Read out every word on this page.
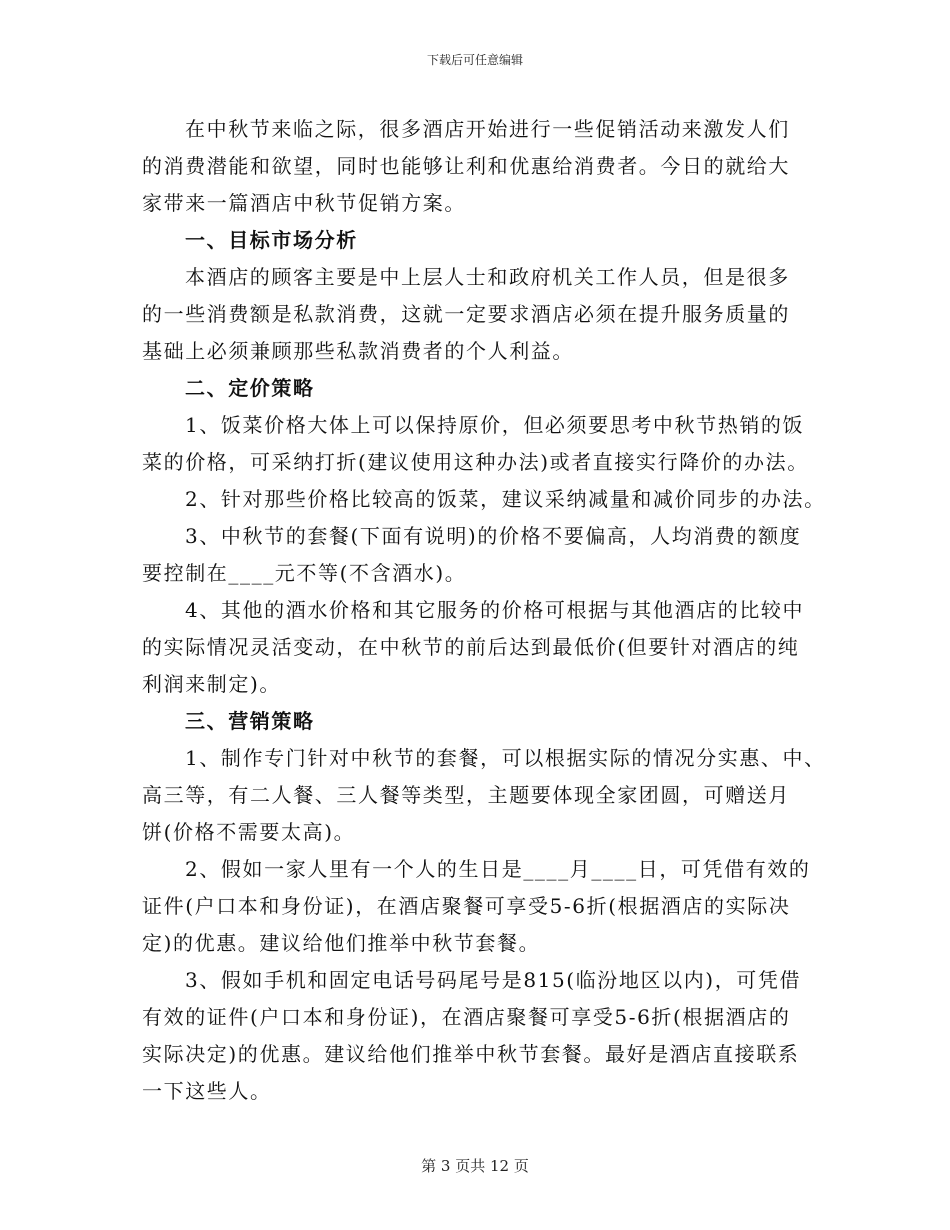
下载后可任意编辑
在中秋节来临之际，很多酒店开始进行一些促销活动来激发人们
的消费潜能和欲望，同时也能够让利和优惠给消费者。今日的就给大
家带来一篇酒店中秋节促销方案。
一、目标市场分析
本酒店的顾客主要是中上层人士和政府机关工作人员，但是很多
的一些消费额是私款消费，这就一定要求酒店必须在提升服务质量的
基础上必须兼顾那些私款消费者的个人利益。
二、定价策略
1、饭菜价格大体上可以保持原价，但必须要思考中秋节热销的饭
菜的价格，可采纳打折(建议使用这种办法)或者直接实行降价的办法。
2、针对那些价格比较高的饭菜，建议采纳减量和减价同步的办法。
3、中秋节的套餐(下面有说明)的价格不要偏高，人均消费的额度
要控制在____元不等(不含酒水)。
4、其他的酒水价格和其它服务的价格可根据与其他酒店的比较中
的实际情况灵活变动，在中秋节的前后达到最低价(但要针对酒店的纯
利润来制定)。
三、营销策略
1、制作专门针对中秋节的套餐，可以根据实际的情况分实惠、中、
高三等，有二人餐、三人餐等类型，主题要体现全家团圆，可赠送月
饼(价格不需要太高)。
2、假如一家人里有一个人的生日是____月____日，可凭借有效的
证件(户口本和身份证)，在酒店聚餐可享受5-6折(根据酒店的实际决
定)的优惠。建议给他们推举中秋节套餐。
3、假如手机和固定电话号码尾号是815(临汾地区以内)，可凭借
有效的证件(户口本和身份证)，在酒店聚餐可享受5-6折(根据酒店的
实际决定)的优惠。建议给他们推举中秋节套餐。最好是酒店直接联系
一下这些人。
第 3 页共 12 页
